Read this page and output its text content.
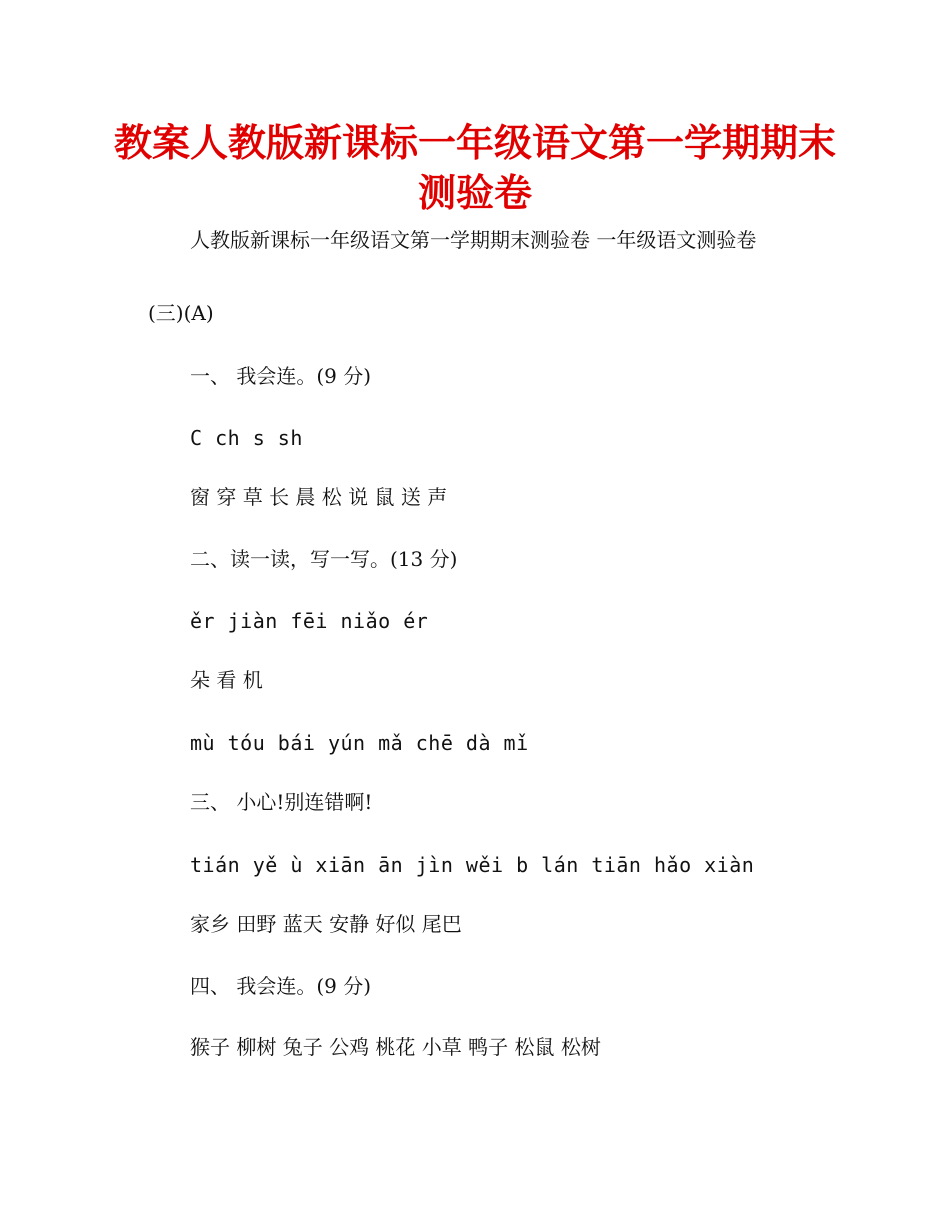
教案人教版新课标一年级语文第一学期期末测验卷
人教版新课标一年级语文第一学期期末测验卷 一年级语文测验卷
(三)(A)
一、 我会连。(9 分)
C ch s sh
窗 穿 草 长 晨 松 说 鼠 送 声
二、读一读，写一写。(13 分)
ěr jiàn fēi niǎo ér
朵 看 机
mù tóu bái yún mǎ chē dà mǐ
三、 小心!别连错啊!
tián yě ù xiān ān jìn wěi b lán tiān hǎo xiàn
家乡 田野 蓝天 安静 好似 尾巴
四、 我会连。(9 分)
猴子 柳树 兔子 公鸡 桃花 小草 鸭子 松鼠 松树
